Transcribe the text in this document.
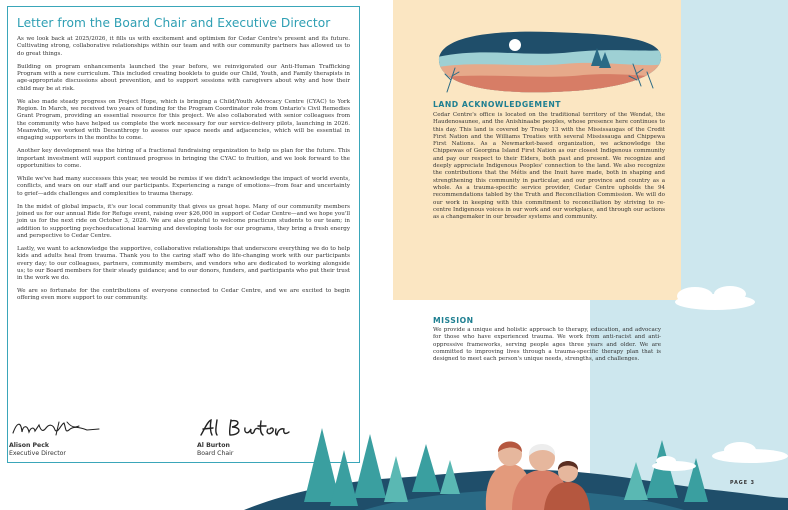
Letter from the Board Chair and Executive Director

As we look back at 2025/2026, it fills us with excitement and optimism for Cedar Centre's present and its future. Cultivating strong, collaborative relationships within our team and with our community partners has allowed us to do great things.

Building on program enhancements launched the year before, we reinvigorated our Anti-Human Trafficking Program with a new curriculum. This included creating booklets to guide our Child, Youth, and Family therapists in age-appropriate discussions about prevention, and to support sessions with caregivers about why and how their child may be at risk.

We also made steady progress on Project Hope, which is bringing a Child/Youth Advocacy Centre (CYAC) to York Region. In March, we received two years of funding for the Program Coordinator role from Ontario's Civil Remedies Grant Program, providing an essential resource for this project. We also collaborated with senior colleagues from the community who have helped us complete the work necessary for our service-delivery pilots, launching in 2026. Meanwhile, we worked with Decanthropy to assess our space needs and adjacencies, which will be essential in engaging supporters in the months to come.

Another key development was the hiring of a fractional fundraising organization to help us plan for the future. This important investment will support continued progress in bringing the CYAC to fruition, and we look forward to the opportunities to come.

While we've had many successes this year, we would be remiss if we didn't acknowledge the impact of world events, conflicts, and wars on our staff and our participants. Experiencing a range of emotions—from fear and uncertainty to grief—adds challenges and complexities to trauma therapy.

In the midst of global impacts, it's our local community that gives us great hope. Many of our community members joined us for our annual Ride for Refuge event, raising over $26,000 in support of Cedar Centre—and we hope you'll join us for the next ride on October 3, 2026. We are also grateful to welcome practicum students to our team; in addition to supporting psychoeducational learning and developing tools for our programs, they bring a fresh energy and perspective to Cedar Centre.

Lastly, we want to acknowledge the supportive, collaborative relationships that underscore everything we do to help kids and adults heal from trauma. Thank you to the caring staff who do life-changing work with our participants every day; to our colleagues, partners, community members, and vendors who are dedicated to working alongside us; to our Board members for their steady guidance; and to our donors, funders, and participants who put their trust in the work we do.

We are so fortunate for the contributions of everyone connected to Cedar Centre, and we are excited to begin offering even more support to our community.

Alison Peck
Executive Director
Al Burton
Board Chair
LAND ACKNOWLEDGEMENT

Cedar Centre's office is located on the traditional territory of the Wendat, the Haudenosaunee, and the Anishinaabe peoples, whose presence here continues to this day. This land is covered by Treaty 13 with the Mississaugas of the Credit First Nation and the Williams Treaties with several Mississauga and Chippewa First Nations. As a Newmarket-based organization, we acknowledge the Chippewas of Georgina Island First Nation as our closest Indigenous community and pay our respect to their Elders, both past and present. We recognize and deeply appreciate Indigenous Peoples' connection to the land. We also recognize the contributions that the Métis and the Inuit have made, both in shaping and strengthening this community in particular, and our province and country as a whole. As a trauma-specific service provider, Cedar Centre upholds the 94 recommendations tabled by the Truth and Reconciliation Commission. We will do our work in keeping with this commitment to reconciliation by striving to re-centre Indigenous voices in our work and our workplace, and through our actions as a changemaker in our broader systems and community.

MISSION

We provide a unique and holistic approach to therapy, education, and advocacy for those who have experienced trauma. We work from anti-racist and anti-oppressive frameworks, serving people ages three years and older. We are committed to improving lives through a trauma-specific therapy plan that is designed to meet each person's unique needs, strengths, and challenges.

PAGE 3
